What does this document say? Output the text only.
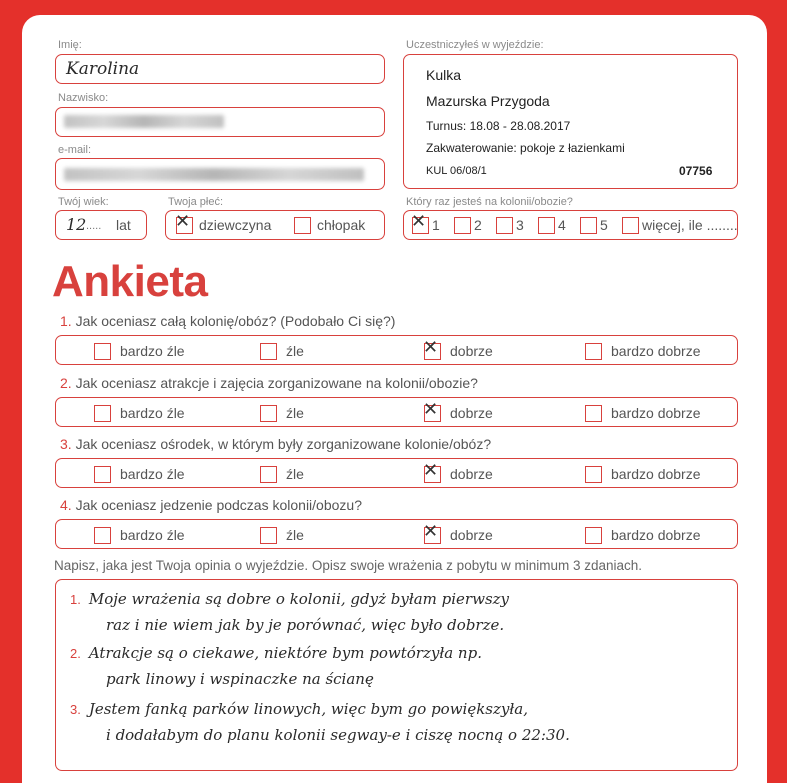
Imię:
Karolina
Nazwisko:
e-mail:
Twój wiek:
12 ..... lat
Twoja płeć:
✕ dziewczyna	chłopak
Uczestniczyłeś w wyjeździe:
Kulka
Mazurska Przygoda
Turnus: 18.08 - 28.08.2017
Zakwaterowanie: pokoje z łazienkami
KUL 06/08/1	07756
Który raz jesteś na kolonii/obozie?
✕ 1	2	3	4	5	więcej, ile ........
Ankieta
1. Jak oceniasz całą kolonię/obóz? (Podobało Ci się?)
bardzo źle	źle	✕ dobrze	bardzo dobrze
2. Jak oceniasz atrakcje i zajęcia zorganizowane na kolonii/obozie?
bardzo źle	źle	✕ dobrze	bardzo dobrze
3. Jak oceniasz ośrodek, w którym były zorganizowane kolonie/obóz?
bardzo źle	źle	✕ dobrze	bardzo dobrze
4. Jak oceniasz jedzenie podczas kolonii/obozu?
bardzo źle	źle	✕ dobrze	bardzo dobrze
Napisz, jaka jest Twoja opinia o wyjeździe. Opisz swoje wrażenia z pobytu w minimum 3 zdaniach.
1. Moje wrażenia są dobre o kolonii, gdyż byłam pierwszy
raz i nie wiem jak by je porównać, więc było dobrze.
2. Atrakcje są o ciekawe, niektóre bym powtórzyła np.
park linowy i wspinaczke na ścianę
3. Jestem fanką parków linowych, więc bym go powiększyła,
i dodałabym do planu kolonii segway-e i ciszę nocną o 22:30.
